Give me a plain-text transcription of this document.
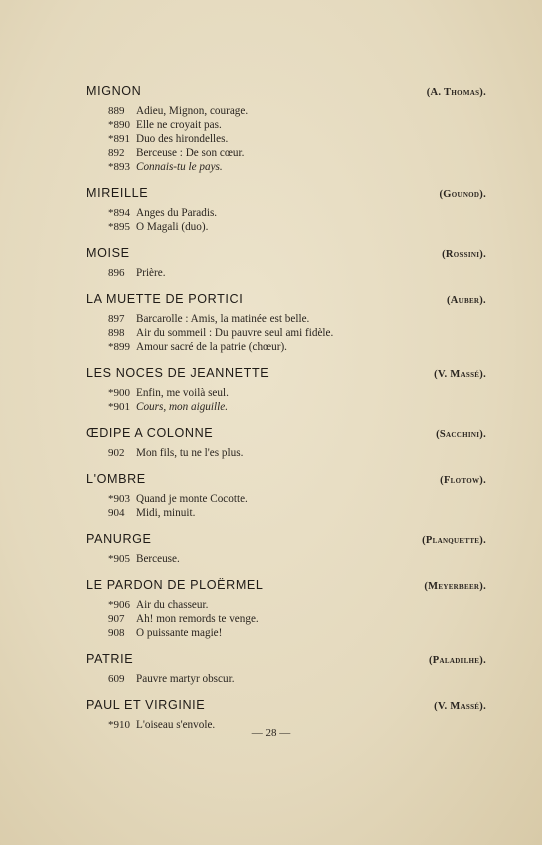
MIGNON	(A. Thomas).
889 Adieu, Mignon, courage.
*890 Elle ne croyait pas.
*891 Duo des hirondelles.
892 Berceuse : De son cœur.
*893 Connais-tu le pays.
MIREILLE	(Gounod).
*894 Anges du Paradis.
*895 O Magali (duo).
MOISE	(Rossini).
896 Prière.
LA MUETTE DE PORTICI	(Auber).
897 Barcarolle : Amis, la matinée est belle.
898 Air du sommeil : Du pauvre seul ami fidèle.
*899 Amour sacré de la patrie (chœur).
LES NOCES DE JEANNETTE	(V. Massé).
*900 Enfin, me voilà seul.
*901 Cours, mon aiguille.
ŒDIPE A COLONNE	(Sacchini).
902 Mon fils, tu ne l'es plus.
L'OMBRE	(Flotow).
*903 Quand je monte Cocotte.
904 Midi, minuit.
PANURGE	(Planquette).
*905 Berceuse.
LE PARDON DE PLOËRMEL	(Meyerbeer).
*906 Air du chasseur.
907 Ah! mon remords te venge.
908 O puissante magie!
PATRIE	(Paladilhe).
609 Pauvre martyr obscur.
PAUL ET VIRGINIE	(V. Massé).
*910 L'oiseau s'envole.
— 28 —
